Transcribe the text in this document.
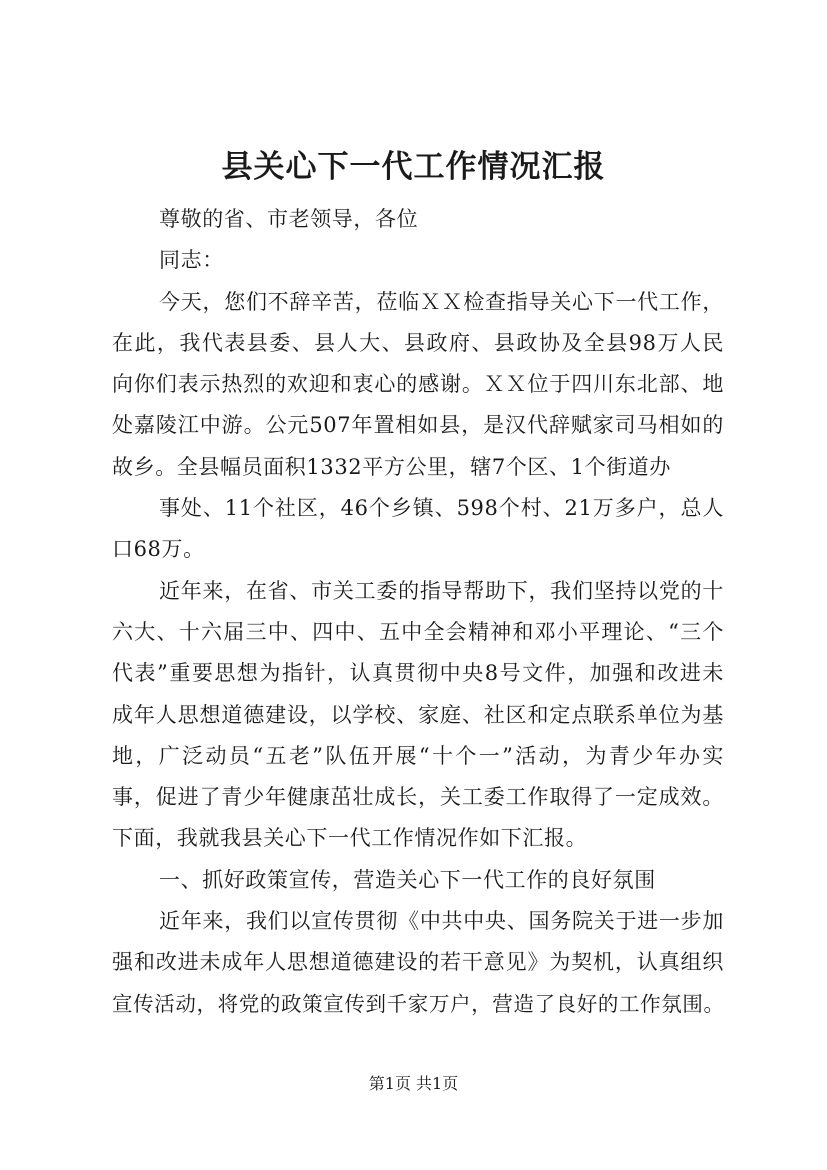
县关心下一代工作情况汇报
尊敬的省、市老领导，各位
同志：
今天，您们不辞辛苦，莅临ＸＸ检查指导关心下一代工作，
在此，我代表县委、县人大、县政府、县政协及全县98万人民
向你们表示热烈的欢迎和衷心的感谢。ＸＸ位于四川东北部、地
处嘉陵江中游。公元507年置相如县，是汉代辞赋家司马相如的
故乡。全县幅员面积1332平方公里，辖7个区、1个街道办
事处、11个社区，46个乡镇、598个村、21万多户，总人
口68万。
近年来，在省、市关工委的指导帮助下，我们坚持以党的十
六大、十六届三中、四中、五中全会精神和邓小平理论、“三个
代表”重要思想为指针，认真贯彻中央8号文件，加强和改进未
成年人思想道德建设，以学校、家庭、社区和定点联系单位为基
地，广泛动员“五老”队伍开展“十个一”活动，为青少年办实
事，促进了青少年健康茁壮成长，关工委工作取得了一定成效。
下面，我就我县关心下一代工作情况作如下汇报。
一、抓好政策宣传，营造关心下一代工作的良好氛围
近年来，我们以宣传贯彻《中共中央、国务院关于进一步加
强和改进未成年人思想道德建设的若干意见》为契机，认真组织
宣传活动，将党的政策宣传到千家万户，营造了良好的工作氛围。
第1页 共1页
